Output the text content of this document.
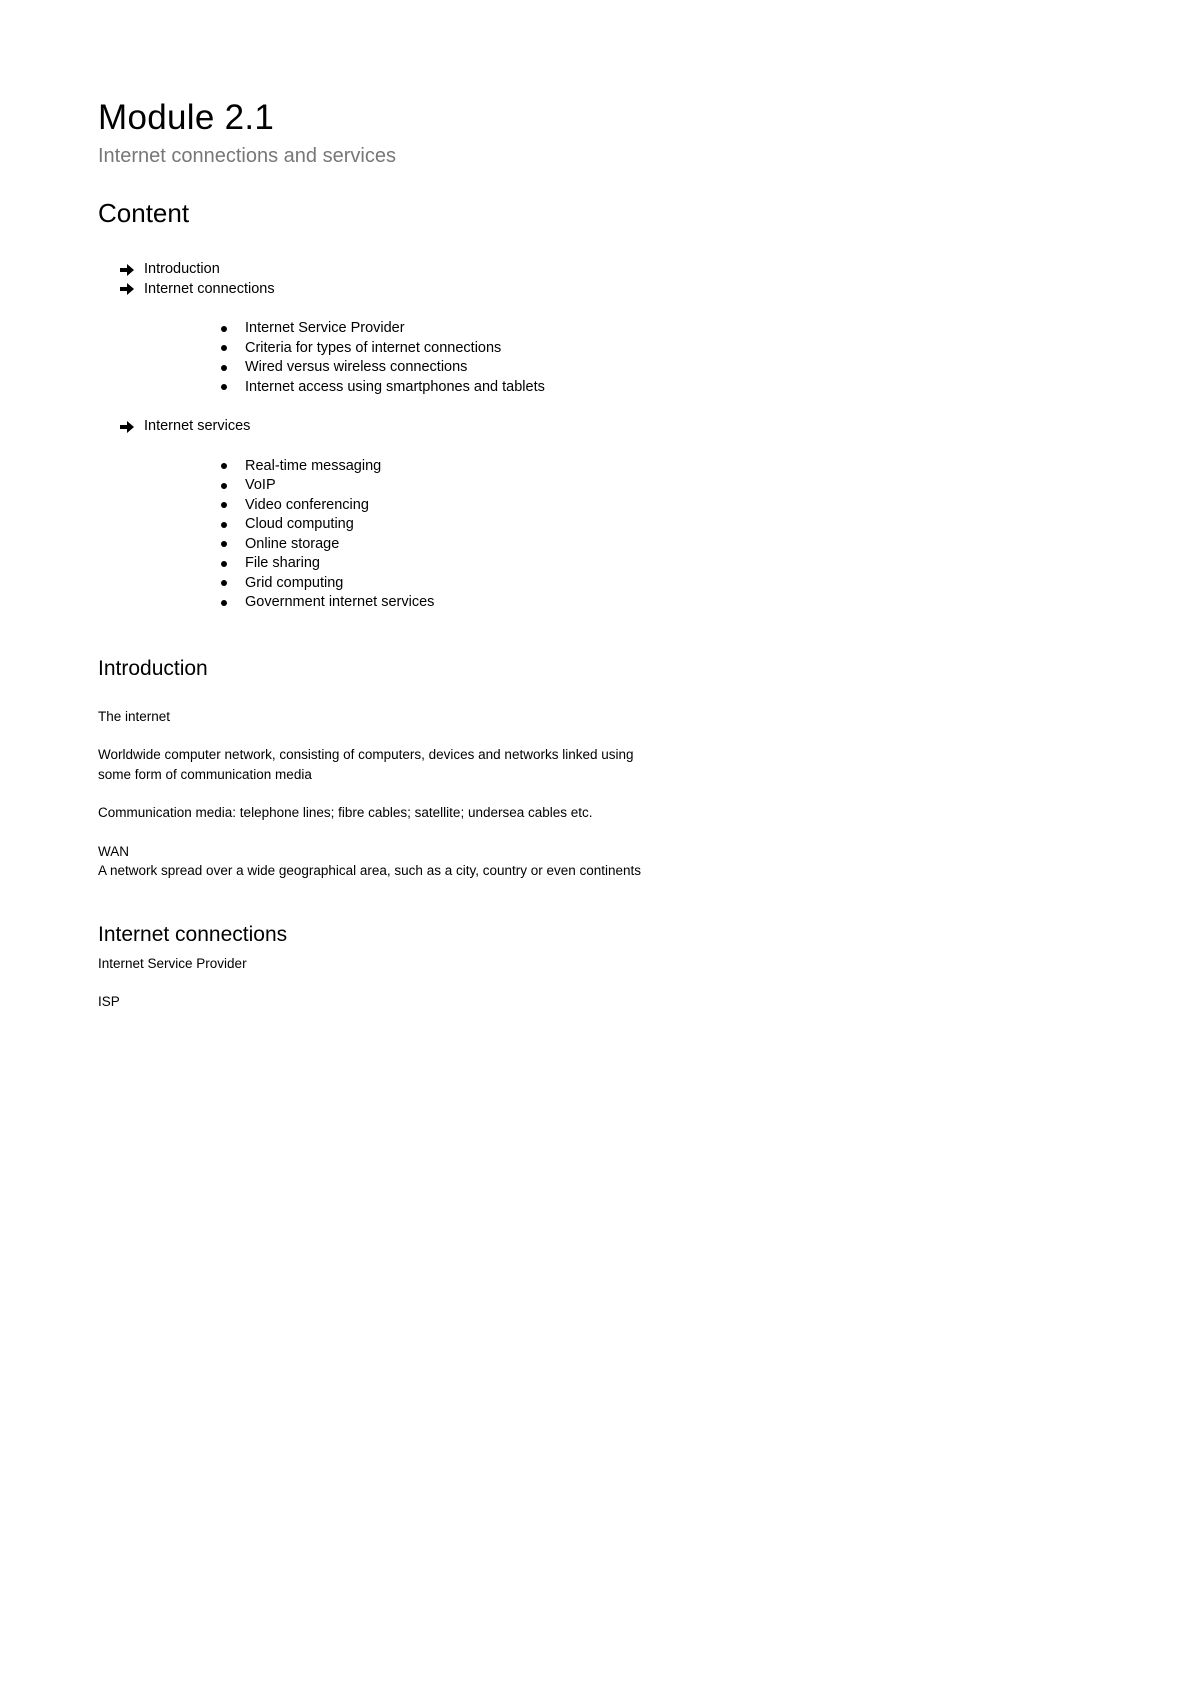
Module 2.1
Internet connections and services
Content
Introduction
Internet connections
Internet Service Provider
Criteria for types of internet connections
Wired versus wireless connections
Internet access using smartphones and tablets
Internet services
Real-time messaging
VoIP
Video conferencing
Cloud computing
Online storage
File sharing
Grid computing
Government internet services
Introduction

The internet

Worldwide computer network, consisting of computers, devices and networks linked using

some form of communication media

Communication media: telephone lines; fibre cables; satellite; undersea cables etc.

WAN

A network spread over a wide geographical area, such as a city, country or even continents

Internet connections

Internet Service Provider

ISP
